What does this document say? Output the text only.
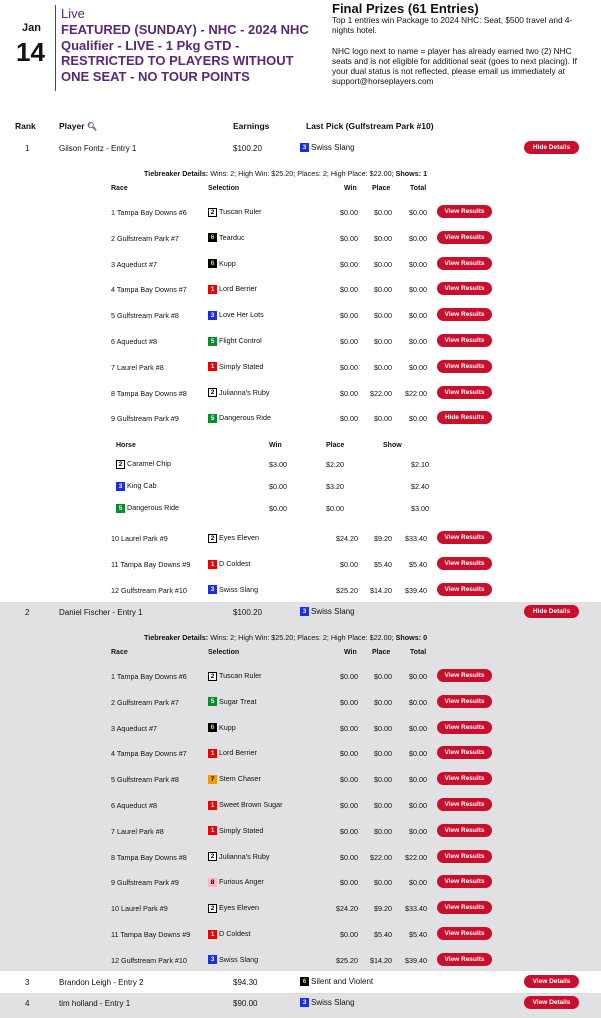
Jan
14
Live
FEATURED (SUNDAY) - NHC - 2024 NHC Qualifier - LIVE - 1 Pkg GTD - RESTRICTED TO PLAYERS WITHOUT ONE SEAT - NO TOUR POINTS
Final Prizes (61 Entries)

Top 1 entries win Package to 2024 NHC: Seat, $500 travel and 4-nights hotel.

NHC logo next to name = player has already earned two (2) NHC seats and is not eligible for additional seat (goes to next placing). If your dual status is not reflected, please email us immediately at support@horseplayers.com

Rank	Player 🔍︎	Earnings	Last Pick (Gulfstream Park #10)
1	Gilson Fontz - Entry 1	$100.20	3 Swiss Slang	Hide Details
Tiebreaker Details: Wins: 2; High Win: $25.20; Places: 2; High Place: $22.00; Shows: 1
Race	Selection	Win Place	Total
1 Tampa Bay Downs #6	2 Tuscan Ruler	$0.00	$0.00	$0.00	View Results
2 Gulfstream Park #7	6 Tearduc	$0.00	$0.00	$0.00	View Results
3 Aqueduct #7	6 Kupp	$0.00	$0.00	$0.00	View Results
4 Tampa Bay Downs #7	1 Lord Berrier	$0.00	$0.00	$0.00	View Results
5 Gulfstream Park #8	3 Love Her Lots	$0.00	$0.00	$0.00	View Results
6 Aqueduct #8	5 Flight Control	$0.00	$0.00	$0.00	View Results
7 Laurel Park #8	1 Simply Stated	$0.00	$0.00	$0.00	View Results
8 Tampa Bay Downs #8	2 Julianna's Ruby	$0.00 $22.00 $22.00	View Results
9 Gulfstream Park #9	5 Dangerous Ride	$0.00	$0.00	$0.00	Hide Results
Horse	Win	Place	Show
2 Caramel Chip	$3.00	$2.20	$2.10
3 King Cab	$0.00	$3.20	$2.40
5 Dangerous Ride	$0.00	$0.00	$3.00
10 Laurel Park #9	2 Eyes Eleven	$24.20	$9.20 $33.40	View Results
11 Tampa Bay Downs #9	1 D Coldest	$0.00	$5.40	$5.40	View Results
12 Gulfstream Park #10	3 Swiss Slang	$25.20 $14.20 $39.40	View Results
2	Daniel Fischer - Entry 1	$100.20	3 Swiss Slang	Hide Details
Tiebreaker Details: Wins: 2; High Win: $25.20; Places: 2; High Place: $22.00; Shows: 0
Race	Selection	Win Place	Total
1 Tampa Bay Downs #6	2 Tuscan Ruler	$0.00	$0.00	$0.00	View Results
2 Gulfstream Park #7	5 Sugar Treat	$0.00	$0.00	$0.00	View Results
3 Aqueduct #7	6 Kupp	$0.00	$0.00	$0.00	View Results
4 Tampa Bay Downs #7	1 Lord Berrier	$0.00	$0.00	$0.00	View Results
5 Gulfstream Park #8	7 Stem Chaser	$0.00	$0.00	$0.00	View Results
6 Aqueduct #8	1 Sweet Brown Sugar	$0.00	$0.00	$0.00	View Results
7 Laurel Park #8	1 Simply Stated	$0.00	$0.00	$0.00	View Results
8 Tampa Bay Downs #8	2 Julianna's Ruby	$0.00 $22.00 $22.00	View Results
9 Gulfstream Park #9	8 Furious Anger	$0.00	$0.00	$0.00	View Results
10 Laurel Park #9	2 Eyes Eleven	$24.20	$9.20 $33.40	View Results
11 Tampa Bay Downs #9	1 D Coldest	$0.00	$5.40	$5.40	View Results
12 Gulfstream Park #10	3 Swiss Slang	$25.20 $14.20 $39.40	View Results
3	Brandon Leigh - Entry 2	$94.30	6 Silent and Violent	View Details
4	tim holland - Entry 1	$90.00	3 Swiss Slang	View Details
